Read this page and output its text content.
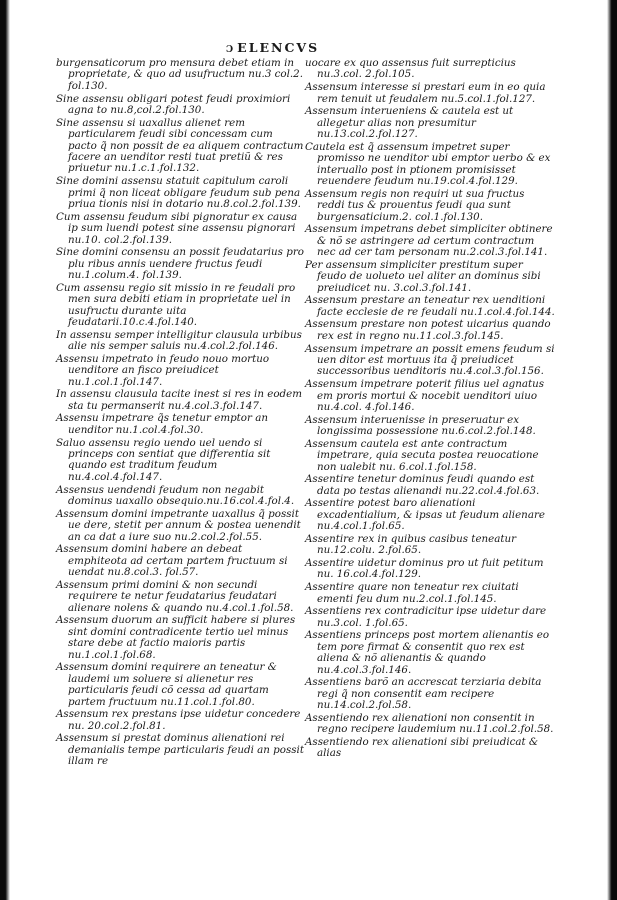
Ɔ ELENCVS

burgensaticorum pro mensura debet etiam in proprietate, & quo ad usufructum nu.3 col.2. fol.130.

Sine assensu obligari potest feudi proximiori agna to nu.8,col.2.fol.130.

Sine assensu si uaxallus alienet rem particularem feudi sibi concessam cum pacto q̃ non possit de ea aliquem contractum facere an uenditor resti tuat pretiũ & res priuetur nu.1.c.1.fol.132.

Sine domini assensu statuit capitulum caroli primi q̃ non liceat obligare feudum sub pena priua tionis nisi in dotario nu.8.col.2.fol.139.

Cum assensu feudum sibi pignoratur ex causa ip sum luendi potest sine assensu pignorari nu.10. col.2.fol.139.

Sine domini consensu an possit feudatarius pro plu ribus annis uendere fructus feudi nu.1.colum.4. fol.139.

Cum assensu regio sit missio in re feudali pro men sura debiti etiam in proprietate uel in usufructu durante uita feudatarii.10.c.4.fol.140.

In assensu semper intelligitur clausula urbibus alie nis semper saluis nu.4.col.2.fol.146.

Assensu impetrato in feudo nouo mortuo uenditore an fisco preiudicet nu.1.col.1.fol.147.

In assensu clausula tacite inest si res in eodem sta tu permanserit nu.4.col.3.fol.147.

Assensu impetrare q̃s tenetur emptor an uenditor nu.1.col.4.fol.30.

Saluo assensu regio uendo uel uendo si princeps con sentiat que differentia sit quando est traditum feudum nu.4.col.4.fol.147.

Assensus uendendi feudum non negabit dominus uaxallo obsequio.nu.16.col.4.fol.4.

Assensum domini impetrante uaxallus q̃ possit ue dere, stetit per annum & postea uenendit an ca dat a iure suo nu.2.col.2.fol.55.

Assensum domini habere an debeat emphiteota ad certam partem fructuum si uendat nu.8.col.3. fol.57.

Assensum primi domini & non secundi requirere te netur feudatarius feudatari alienare nolens & quando nu.4.col.1.fol.58.

Assensum duorum an sufficit habere si plures sint domini contradicente tertio uel minus stare debe at factio maioris partis nu.1.col.1.fol.68.

Assensum domini requirere an teneatur & laudemi um soluere si alienetur res particularis feudi cõ cessa ad quartam partem fructuum nu.11.col.1.fol.80.

Assensum rex prestans ipse uidetur concedere nu. 20.col.2.fol.81.

Assensum si prestat dominus alienationi rei demanialis tempe particularis feudi an possit illam re

uocare ex quo assensus fuit surrepticius nu.3.col. 2.fol.105.

Assensum interesse si prestari eum in eo quia rem tenuit ut feudalem nu.5.col.1.fol.127.

Assensum interueniens & cautela est ut allegetur alias non presumitur nu.13.col.2.fol.127.

Cautela est q̃ assensum impetret super promisso ne uenditor ubi emptor uerbo & ex interuallo post in ptionem promisisset reuendere feudum nu.19.col.4.fol.129.

Assensum regis non requiri ut sua fructus reddi tus & prouentus feudi qua sunt burgensaticium.2. col.1.fol.130.

Assensum impetrans debet simpliciter obtinere & nõ se astringere ad certum contractum nec ad cer tam personam nu.2.col.3.fol.141.

Per assensum simpliciter prestitum super feudo de uolueto uel aliter an dominus sibi preiudicet nu. 3.col.3.fol.141.

Assensum prestare an teneatur rex uenditioni facte ecclesie de re feudali nu.1.col.4.fol.144.

Assensum prestare non potest uicarius quando rex est in regno nu.11.col.3.fol.145.

Assensum impetrare an possit emens feudum si uen ditor est mortuus ita q̃ preiudicet successoribus uenditoris nu.4.col.3.fol.156.

Assensum impetrare poterit filius uel agnatus em proris mortui & nocebit uenditori uiuo nu.4.col. 4.fol.146.

Assensum interuenisse in preseruatur ex longissima possessione nu.6.col.2.fol.148.

Assensum cautela est ante contractum impetrare, quia secuta postea reuocatione non ualebit nu. 6.col.1.fol.158.

Assentire tenetur dominus feudi quando est data po testas alienandi nu.22.col.4.fol.63.

Assentire potest baro alienationi excadentialium, & ipsas ut feudum alienare nu.4.col.1.fol.65.

Assentire rex in quibus casibus teneatur nu.12.colu. 2.fol.65.

Assentire uidetur dominus pro ut fuit petitum nu. 16.col.4.fol.129.

Assentire quare non teneatur rex ciuitati ementi feu dum nu.2.col.1.fol.145.

Assentiens rex contradicitur ipse uidetur dare nu.3.col. 1.fol.65.

Assentiens princeps post mortem alienantis eo tem pore firmat & consentit quo rex est aliena & nõ alienantis & quando nu.4.col.3.fol.146.

Assentiens barõ an accrescat terziaria debita regi q̃ non consentit eam recipere nu.14.col.2.fol.58.

Assentiendo rex alienationi non consentit in regno recipere laudemium nu.11.col.2.fol.58.

Assentiendo rex alienationi sibi preiudicat & alias
